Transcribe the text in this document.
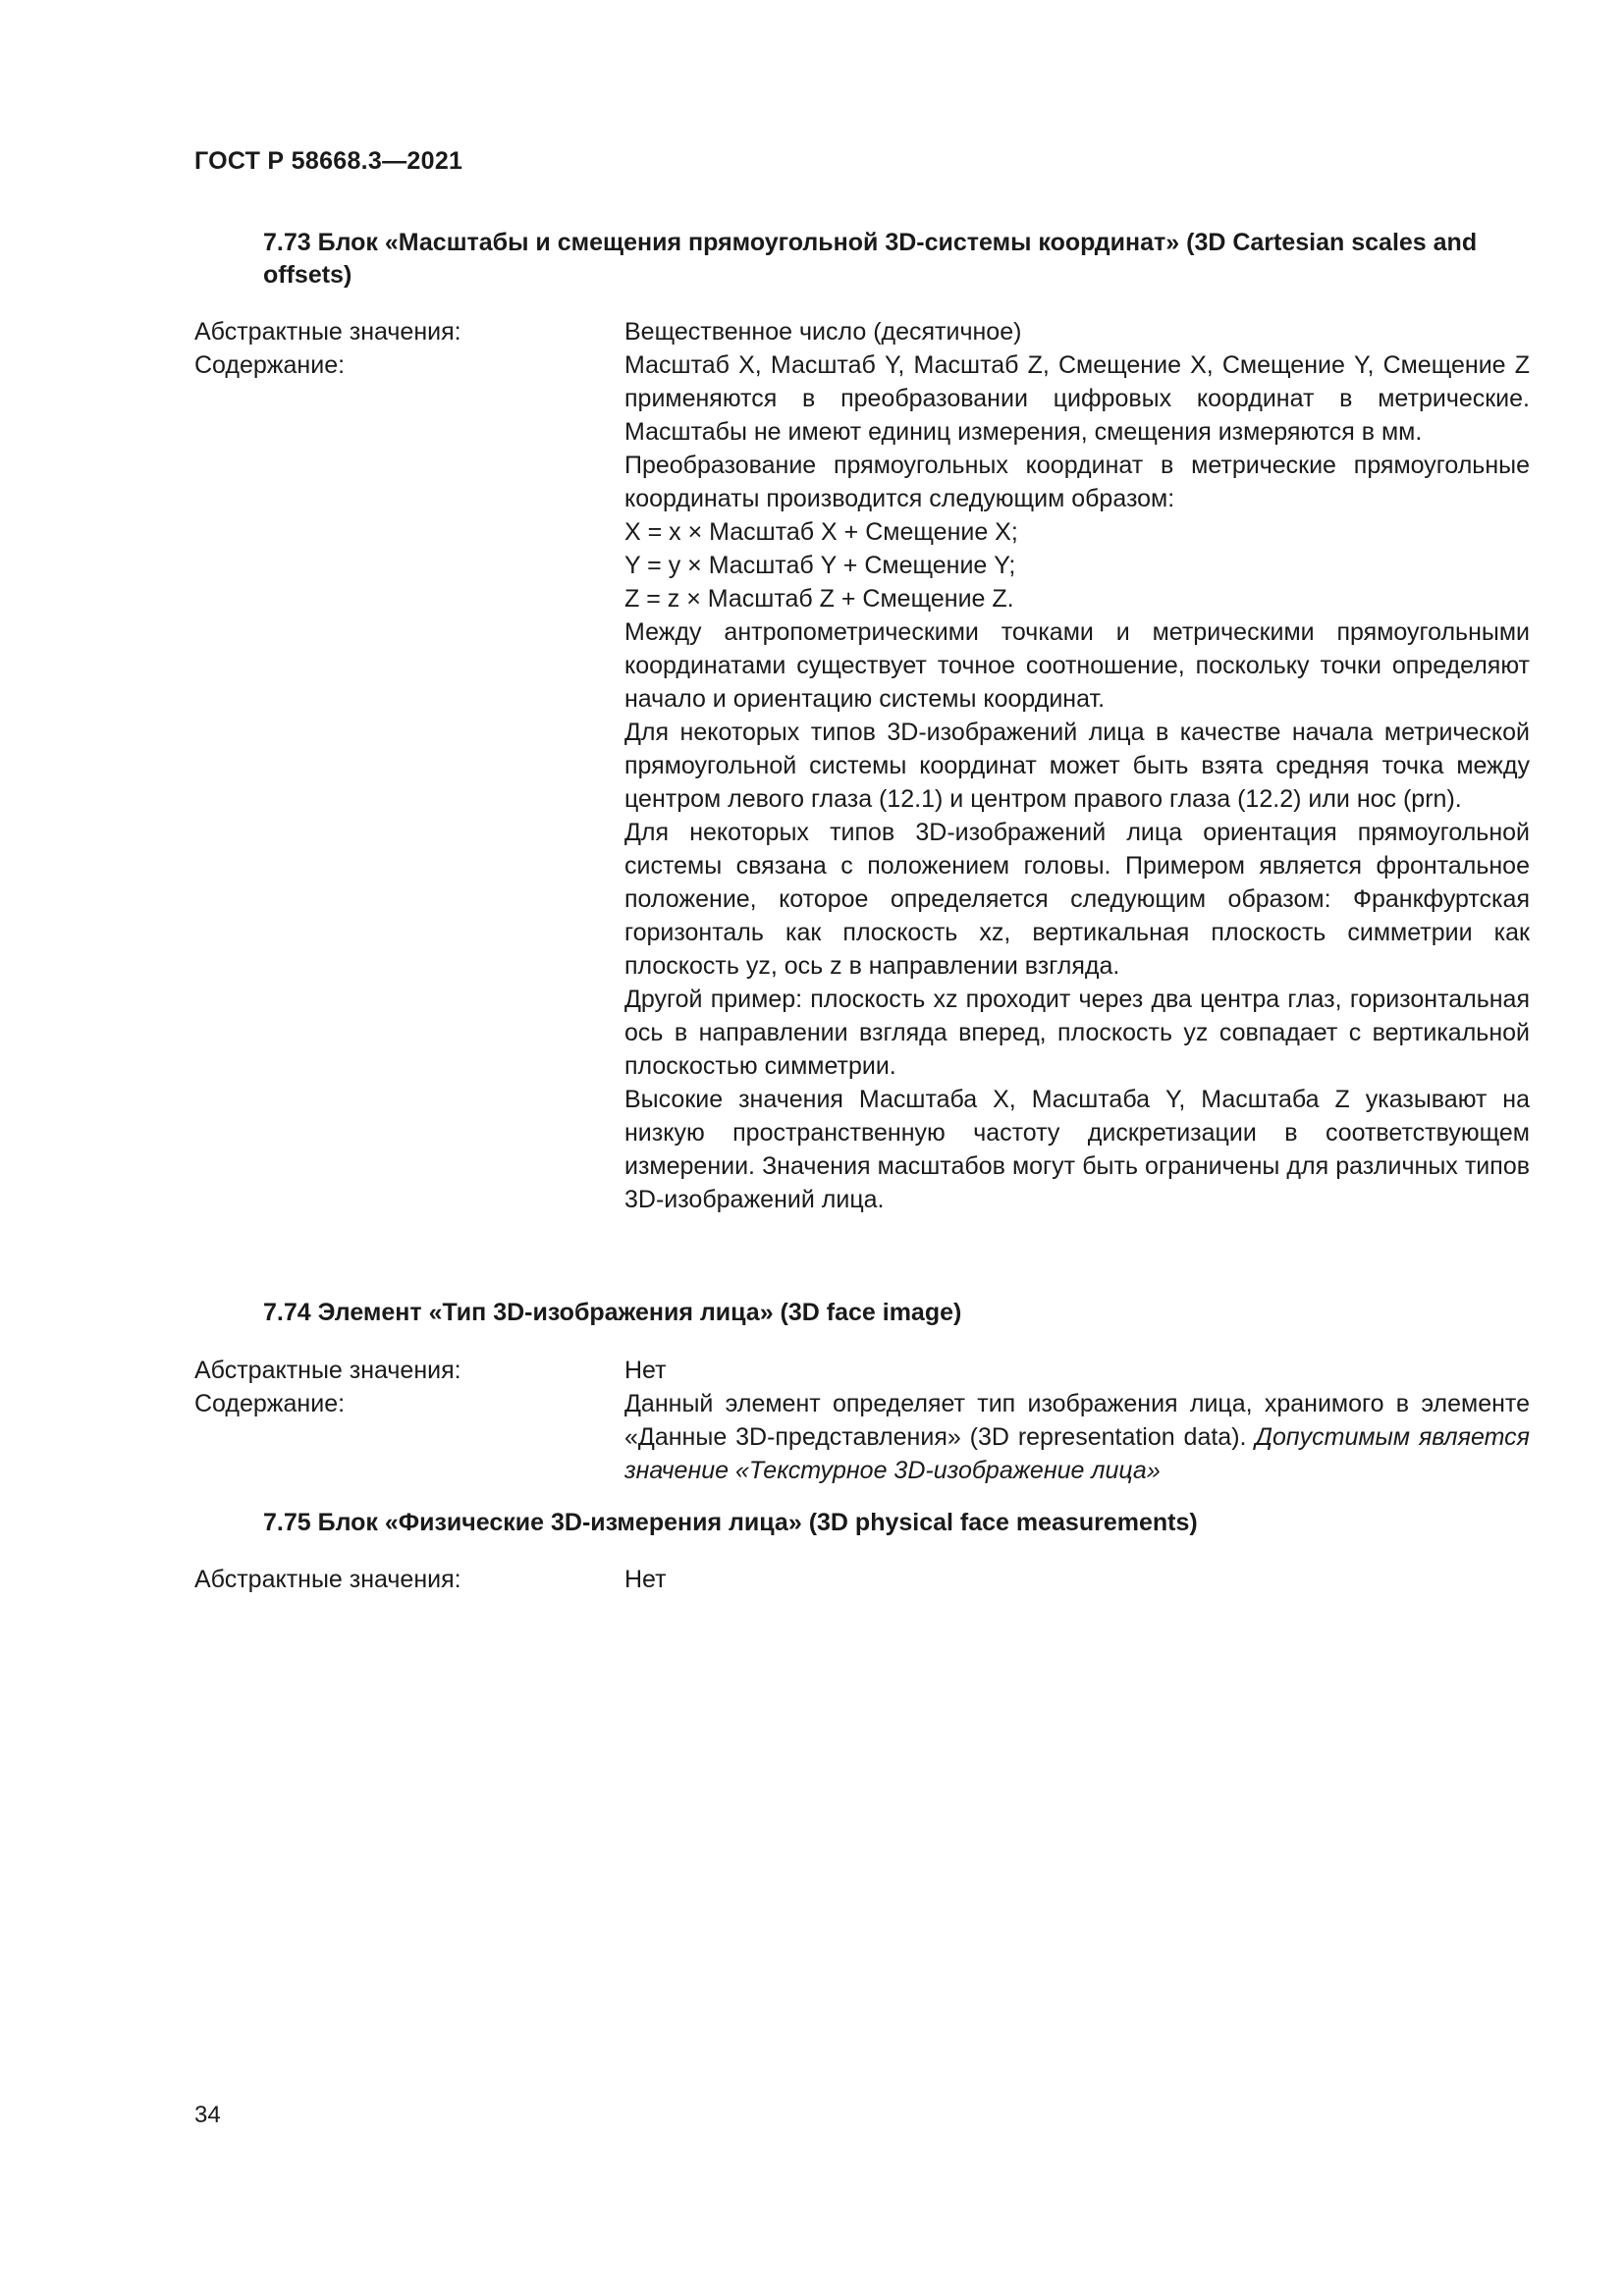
ГОСТ Р 58668.3—2021
7.73 Блок «Масштабы и смещения прямоугольной 3D-системы координат» (3D Cartesian scales and offsets)
Абстрактные значения:	Вещественное число (десятичное)
Содержание:	Масштаб X, Масштаб Y, Масштаб Z, Смещение X, Смещение Y, Смещение Z применяются в преобразовании цифровых координат в метрические. Масштабы не имеют единиц измерения, смещения измеряются в мм.

Преобразование прямоугольных координат в метрические прямоугольные координаты производится следующим образом:

X = x × Масштаб X + Смещение X;

Y = y × Масштаб Y + Смещение Y;

Z = z × Масштаб Z + Смещение Z.

Между антропометрическими точками и метрическими прямоугольными координатами существует точное соотношение, поскольку точки определяют начало и ориентацию системы координат.

Для некоторых типов 3D-изображений лица в качестве начала метрической прямоугольной системы координат может быть взята средняя точка между центром левого глаза (12.1) и центром правого глаза (12.2) или нос (prn).

Для некоторых типов 3D-изображений лица ориентация прямоугольной системы связана с положением головы. Примером является фронтальное положение, которое определяется следующим образом: Франкфуртская горизонталь как плоскость xz, вертикальная плоскость симметрии как плоскость yz, ось z в направлении взгляда.

Другой пример: плоскость xz проходит через два центра глаз, горизонтальная ось в направлении взгляда вперед, плоскость yz совпадает с вертикальной плоскостью симметрии.

Высокие значения Масштаба X, Масштаба Y, Масштаба Z указывают на низкую пространственную частоту дискретизации в соответствующем измерении. Значения масштабов могут быть ограничены для различных типов 3D-изображений лица.

7.74 Элемент «Тип 3D-изображения лица» (3D face image)
Абстрактные значения:	Нет
Содержание:	Данный элемент определяет тип изображения лица, хранимого в элементе «Данные 3D-представления» (3D representation data). Допустимым является значение «Текстурное 3D-изображение лица»

7.75 Блок «Физические 3D-измерения лица» (3D physical face measurements)
Абстрактные значения:	Нет
34
